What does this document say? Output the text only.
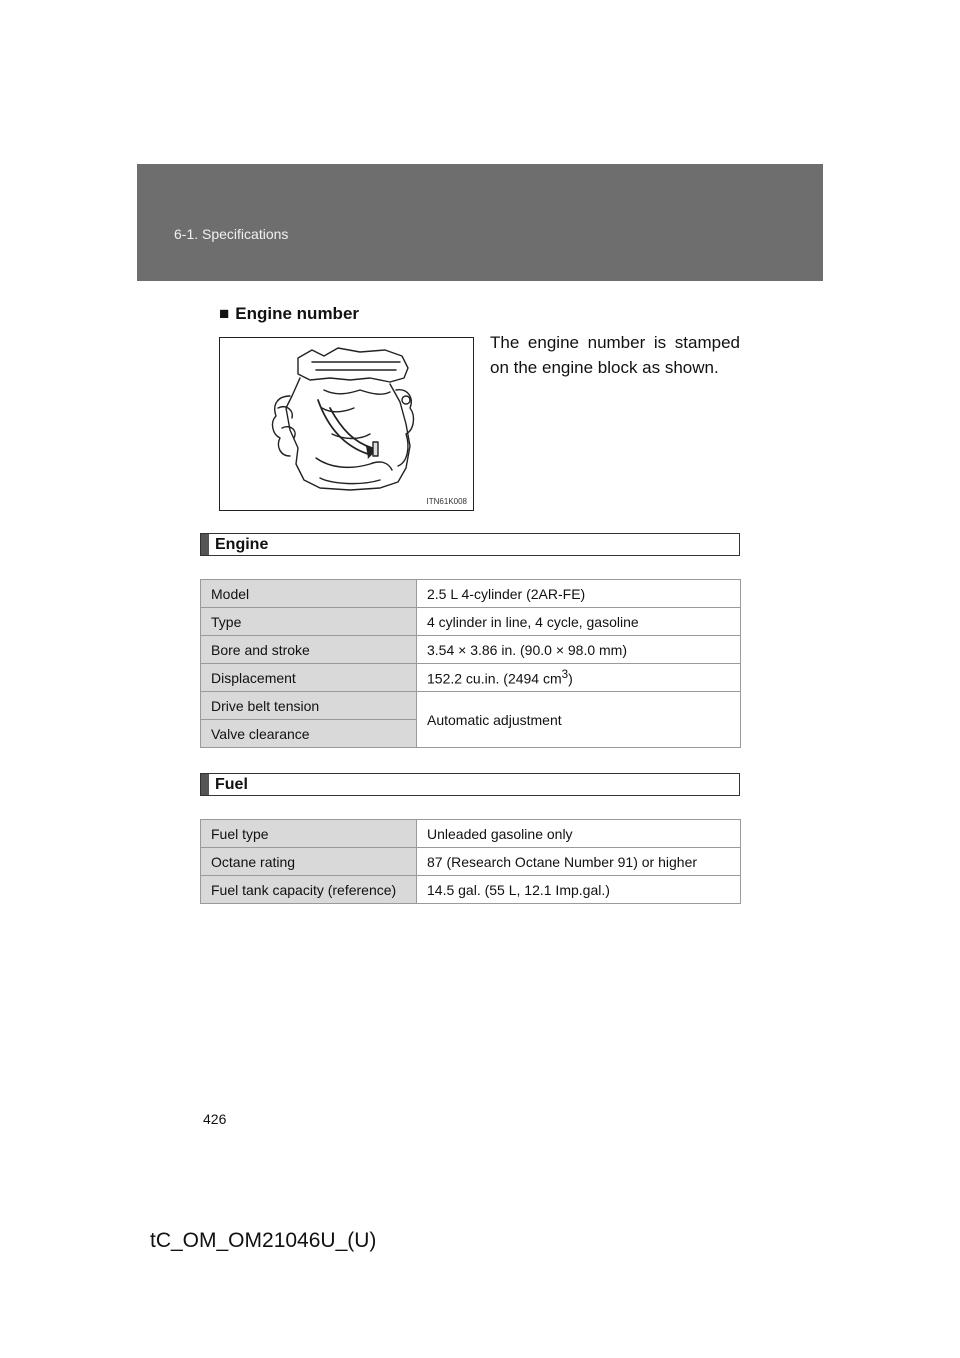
6-1. Specifications
■ Engine number
ITN61K008
The engine number is stamped on the engine block as shown.
Engine
Model	2.5 L 4-cylinder (2AR-FE)
Type	4 cylinder in line, 4 cycle, gasoline
Bore and stroke	3.54 × 3.86 in. (90.0 × 98.0 mm)
Displacement	152.2 cu.in. (2494 $cm^3$)
Drive belt tension	Automatic adjustment
Valve clearance	
Fuel
Fuel type	Unleaded gasoline only
Octane rating	87 (Research Octane Number 91) or higher
Fuel tank capacity (reference)	14.5 gal. (55 L, 12.1 Imp.gal.)
426
tC_OM_OM21046U_(U)
